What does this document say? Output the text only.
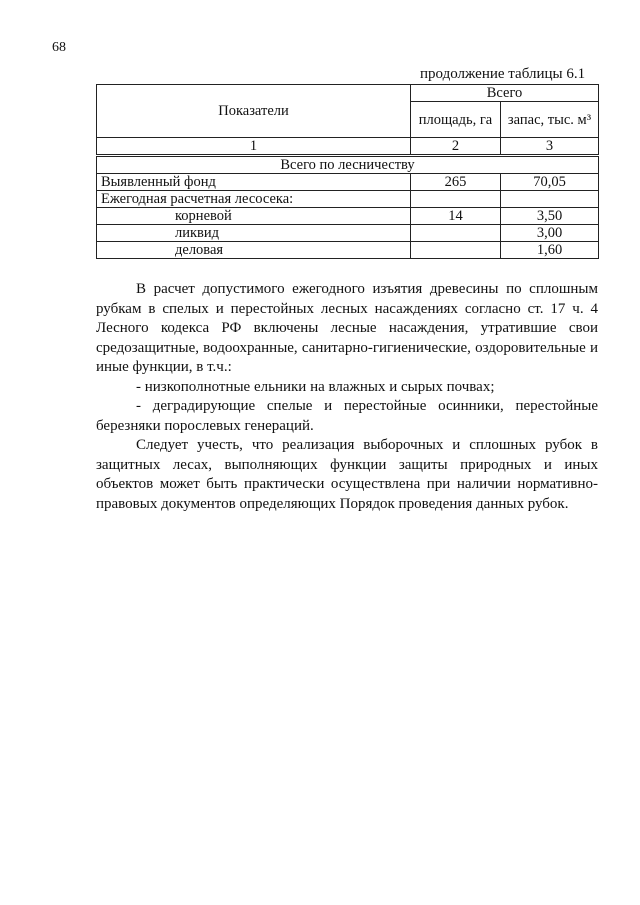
68
продолжение таблицы 6.1
Показатели	Всего	
	площадь, га	запас, тыс. м³
1	2	3
Всего по лесничеству		
Выявленный фонд	265	70,05
Ежегодная расчетная лесосека:		
корневой	14	3,50
ликвид		3,00
деловая		1,60

В расчет допустимого ежегодного изъятия древесины по сплошным рубкам в спелых и перестойных лесных насаждениях согласно ст. 17 ч. 4 Лесного кодекса РФ включены лесные насаждения, утратившие свои средозащитные, водоохранные, санитарно-гигиенические, оздоровительные и иные функции, в т.ч.:

- низкополнотные ельники на влажных и сырых почвах;

- деградирующие спелые и перестойные осинники, перестойные березняки порослевых генераций.

Следует учесть, что реализация выборочных и сплошных рубок в защитных лесах, выполняющих функции защиты природных и иных объектов может быть практически осуществлена при наличии нормативно-правовых документов определяющих Порядок проведения данных рубок.
